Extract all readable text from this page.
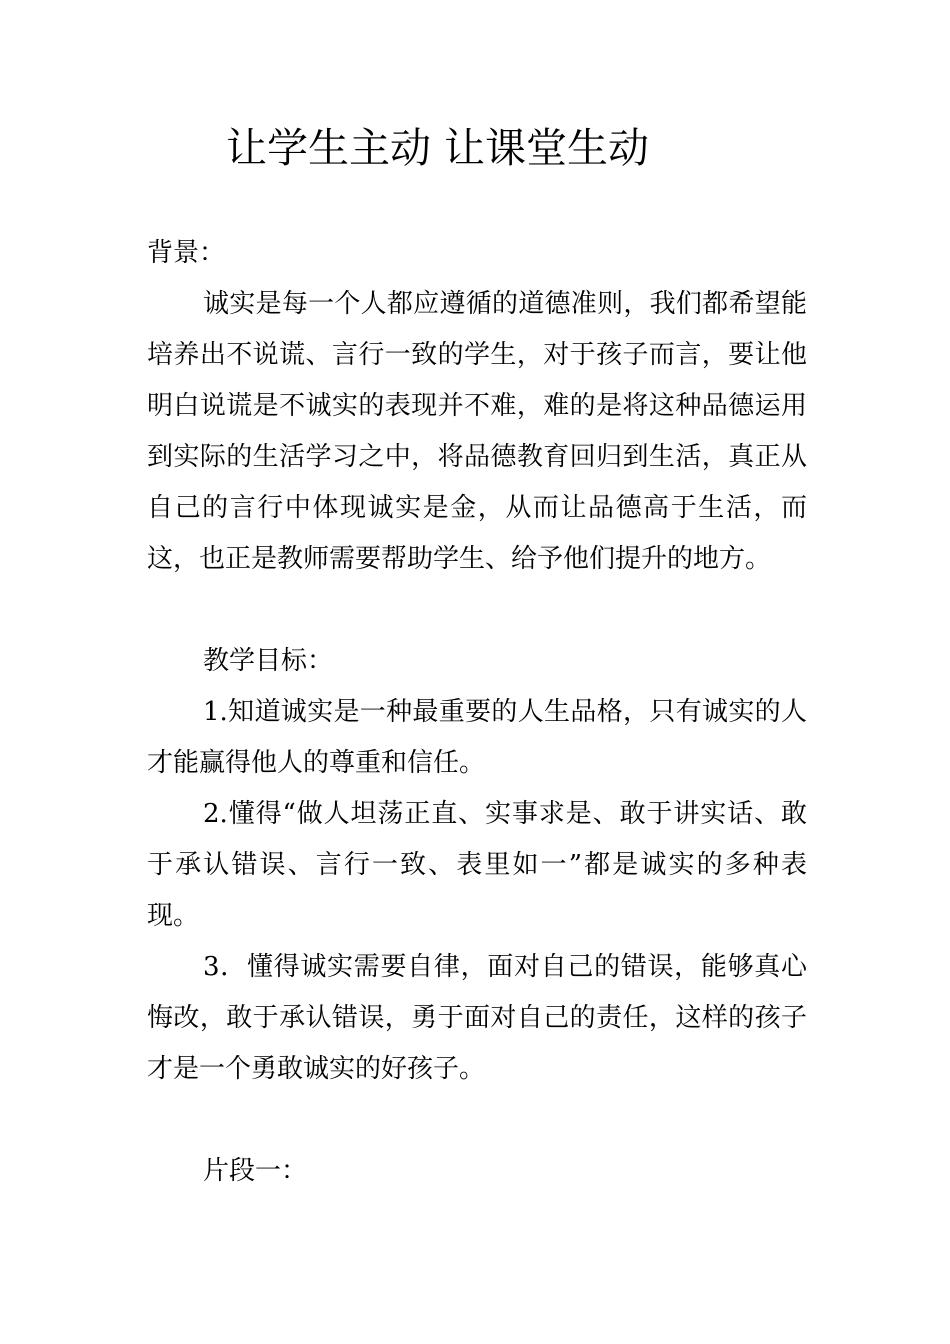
让学生主动 让课堂生动

背景：

诚实是每一个人都应遵循的道德准则，我们都希望能培养出不说谎、言行一致的学生，对于孩子而言，要让他明白说谎是不诚实的表现并不难，难的是将这种品德运用到实际的生活学习之中，将品德教育回归到生活，真正从自己的言行中体现诚实是金，从而让品德高于生活，而这，也正是教师需要帮助学生、给予他们提升的地方。

教学目标：

1.知道诚实是一种最重要的人生品格，只有诚实的人才能赢得他人的尊重和信任。

2.懂得“做人坦荡正直、实事求是、敢于讲实话、敢于承认错误、言行一致、表里如一”都是诚实的多种表现。

3．懂得诚实需要自律，面对自己的错误，能够真心悔改，敢于承认错误，勇于面对自己的责任，这样的孩子才是一个勇敢诚实的好孩子。

片段一：
